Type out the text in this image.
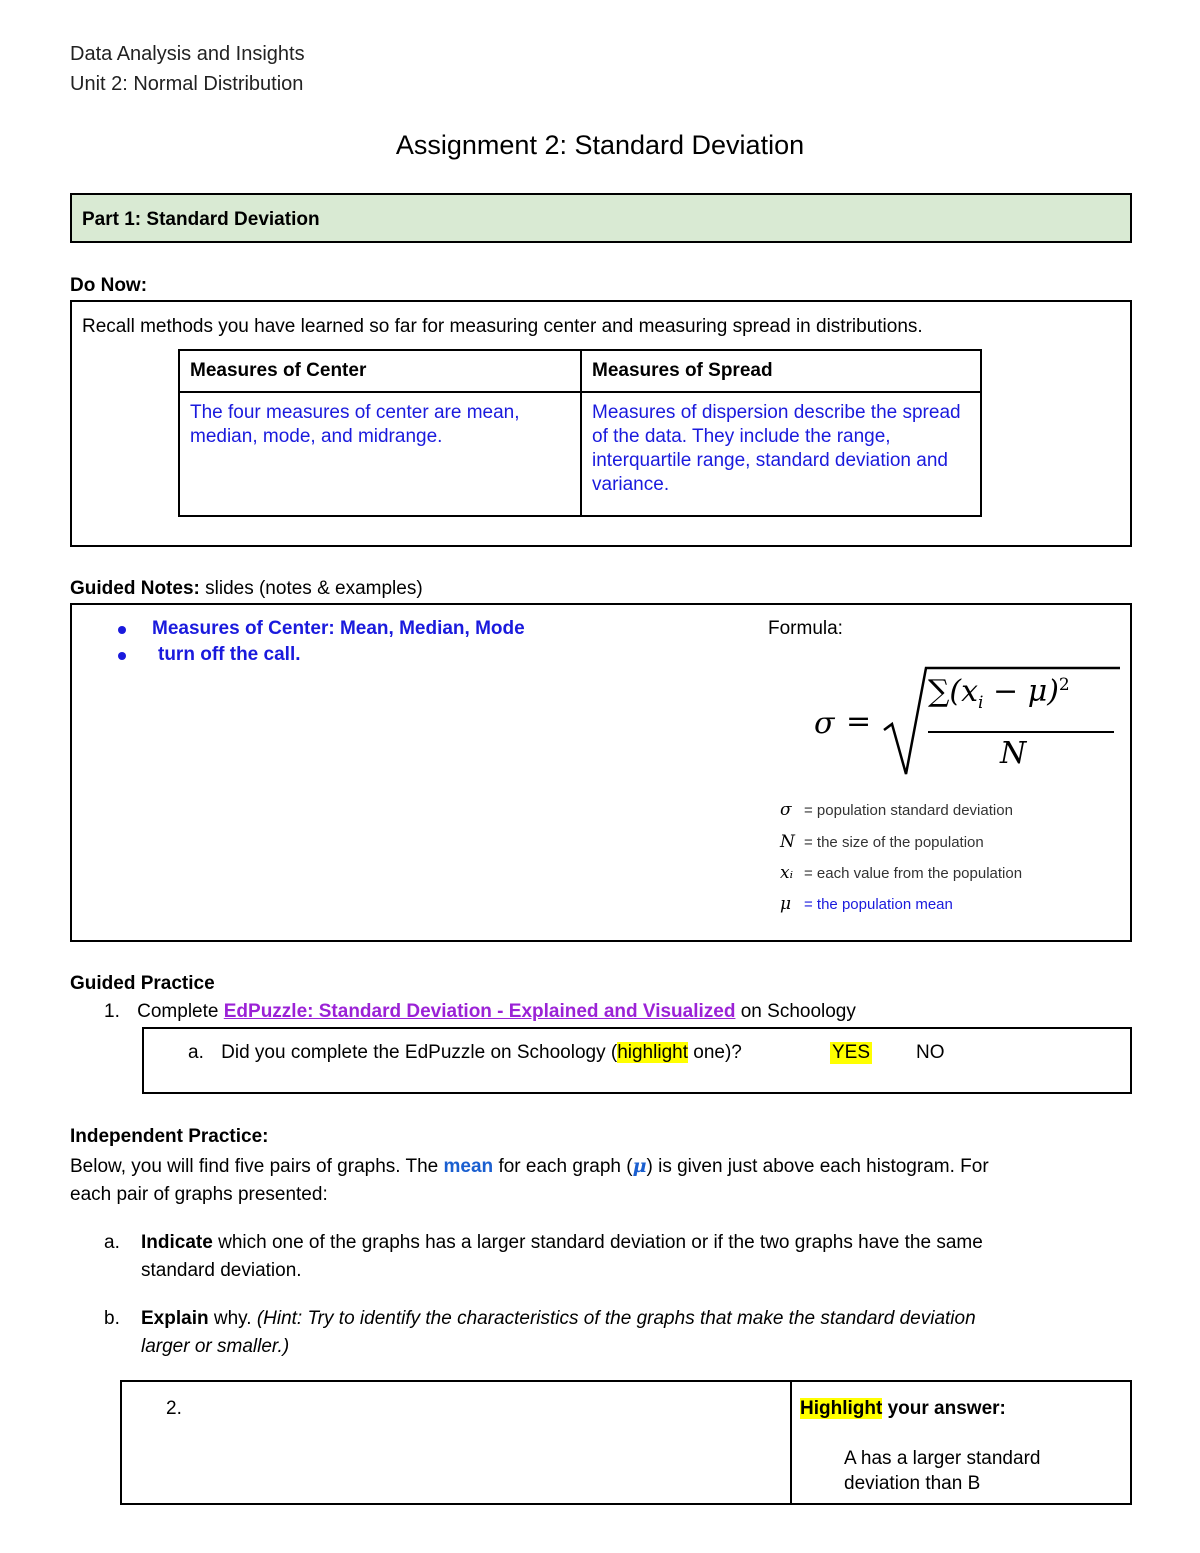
Data Analysis and Insights
Unit 2: Normal Distribution
Assignment 2: Standard Deviation
Part 1: Standard Deviation
Do Now:
Recall methods you have learned so far for measuring center and measuring spread in distributions.
Measures of Center	Measures of Spread
The four measures of center are mean, median, mode, and midrange.	Measures of dispersion describe the spread of the data. They include the range, interquartile range, standard deviation and variance.
Guided Notes: slides (notes & examples)
Measures of Center: Mean, Median, Mode
turn off the call.
Formula:
σ =
$\sum(x_i - \mu)^2$
N
σ = population standard deviation
N = the size of the population
xᵢ = each value from the population
μ = the population mean
Guided Practice
1. Complete EdPuzzle: Standard Deviation - Explained and Visualized on Schoology
a. Did you complete the EdPuzzle on Schoology (highlight one)?	YES NO
Independent Practice:
Below, you will find five pairs of graphs. The mean for each graph (μ) is given just above each histogram. For
each pair of graphs presented:
a. Indicate which one of the graphs has a larger standard deviation or if the two graphs have the same
standard deviation.
b. Explain why. (Hint: Try to identify the characteristics of the graphs that make the standard deviation
larger or smaller.)
2.	Highlight your answer:
A has a larger standard
deviation than B
